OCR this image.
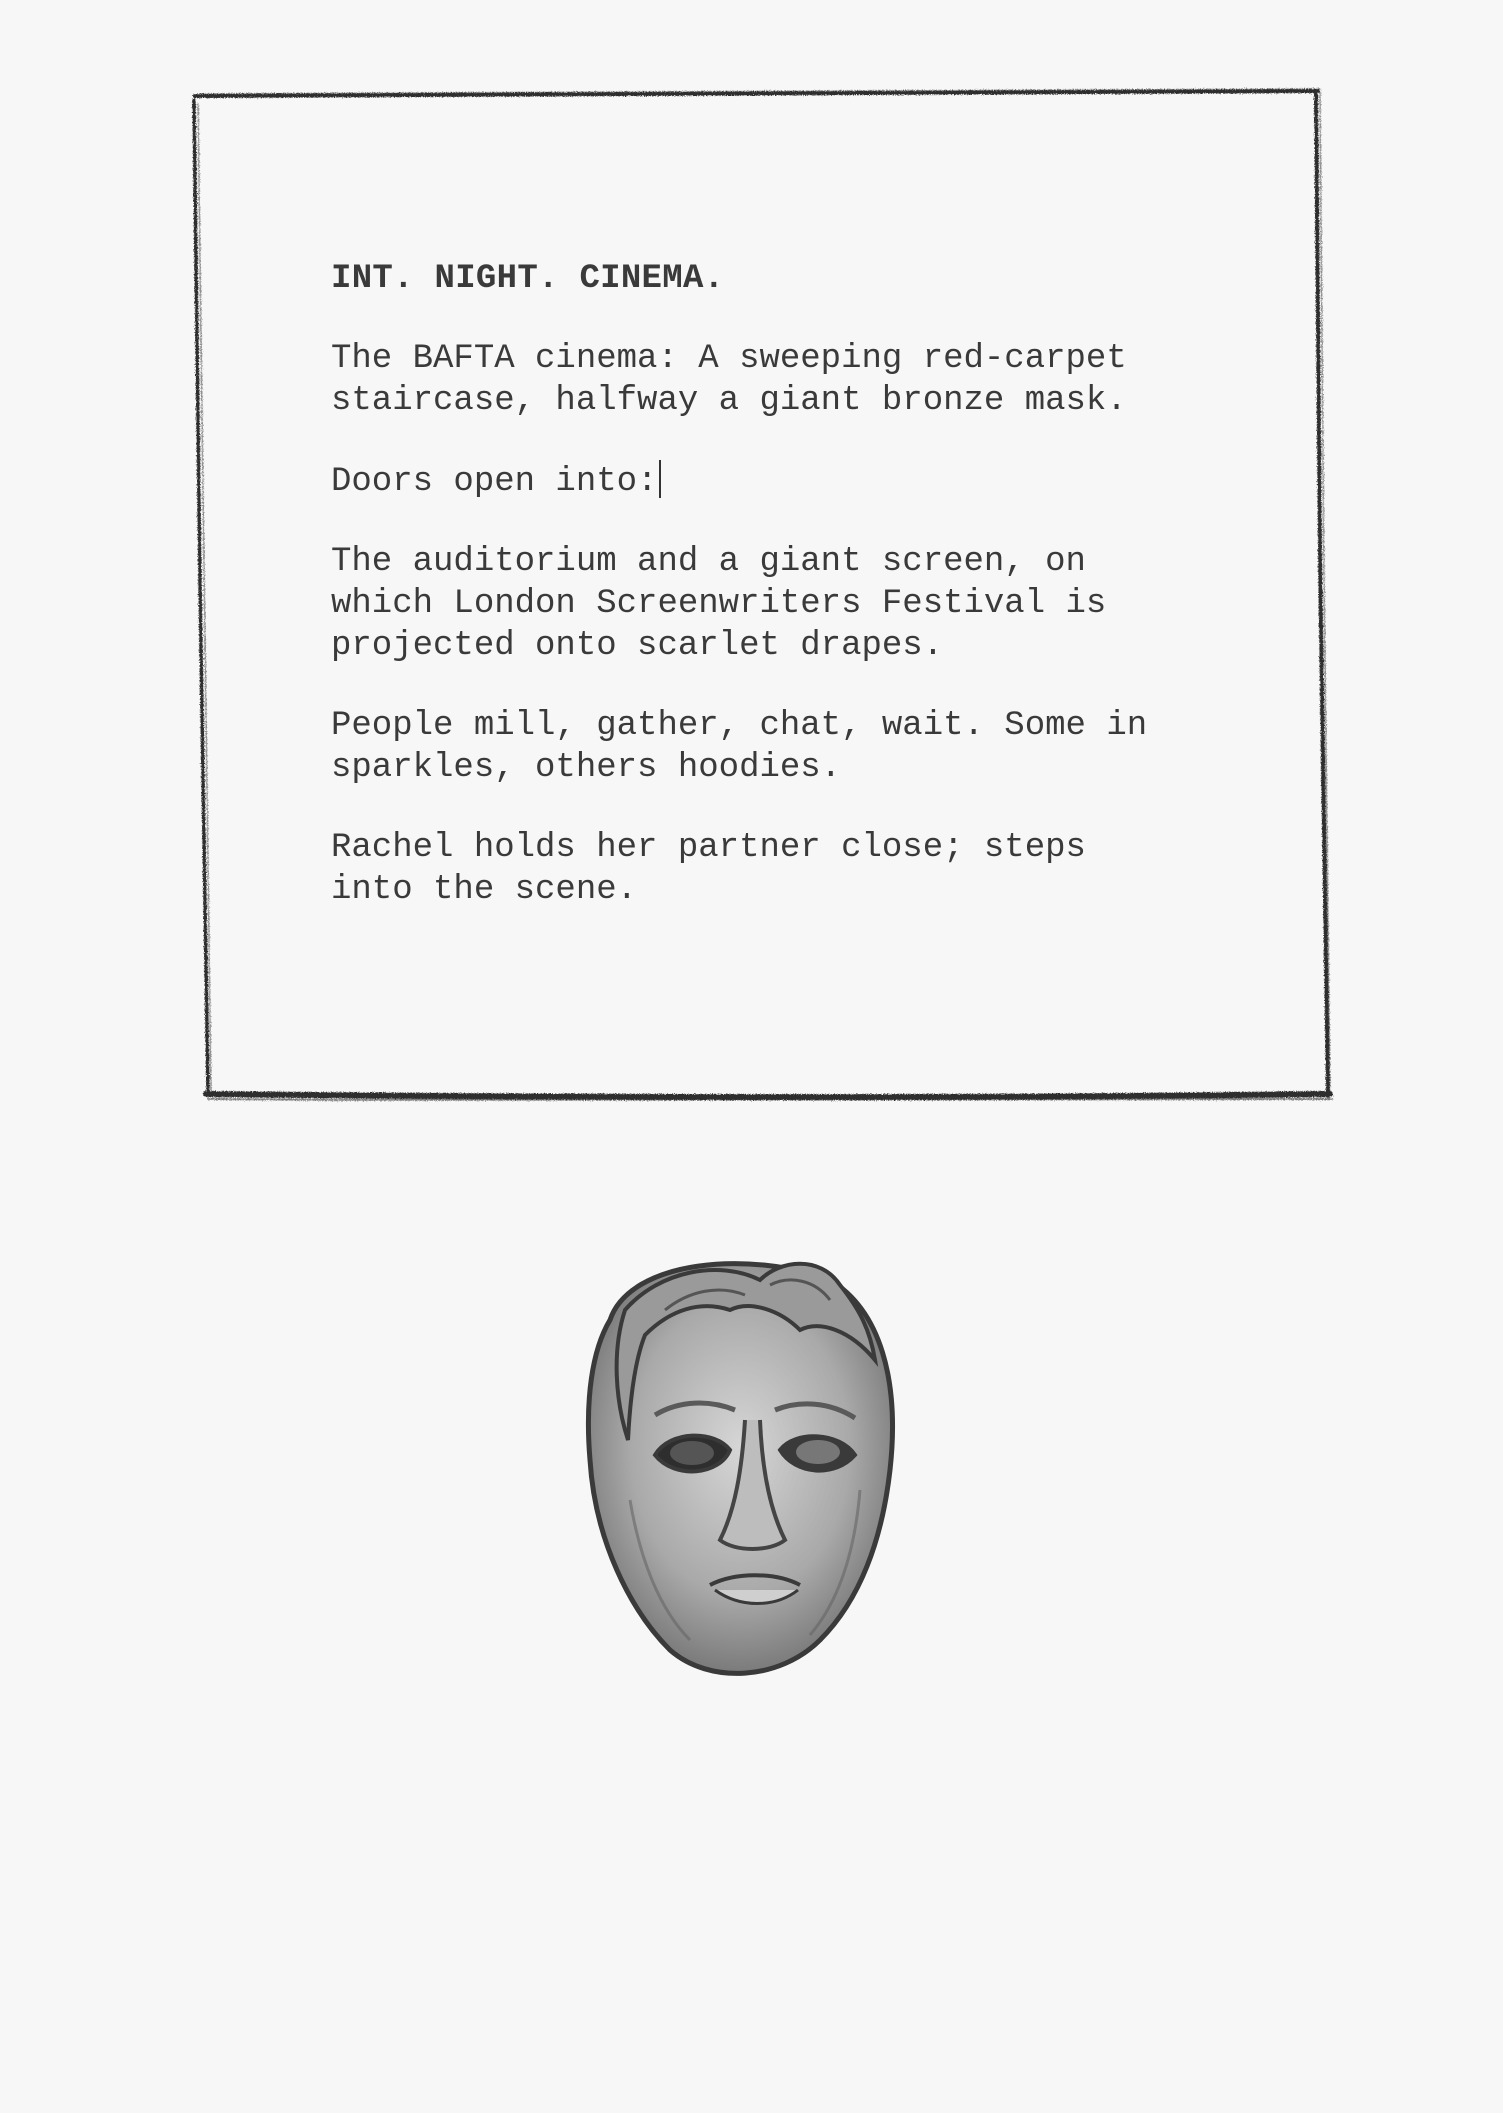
INT. NIGHT. CINEMA.
The BAFTA cinema: A sweeping red-carpet
staircase, halfway a giant bronze mask.
Doors open into:
The auditorium and a giant screen, on
which London Screenwriters Festival is
projected onto scarlet drapes.
People mill, gather, chat, wait. Some in
sparkles, others hoodies.
Rachel holds her partner close; steps
into the scene.
